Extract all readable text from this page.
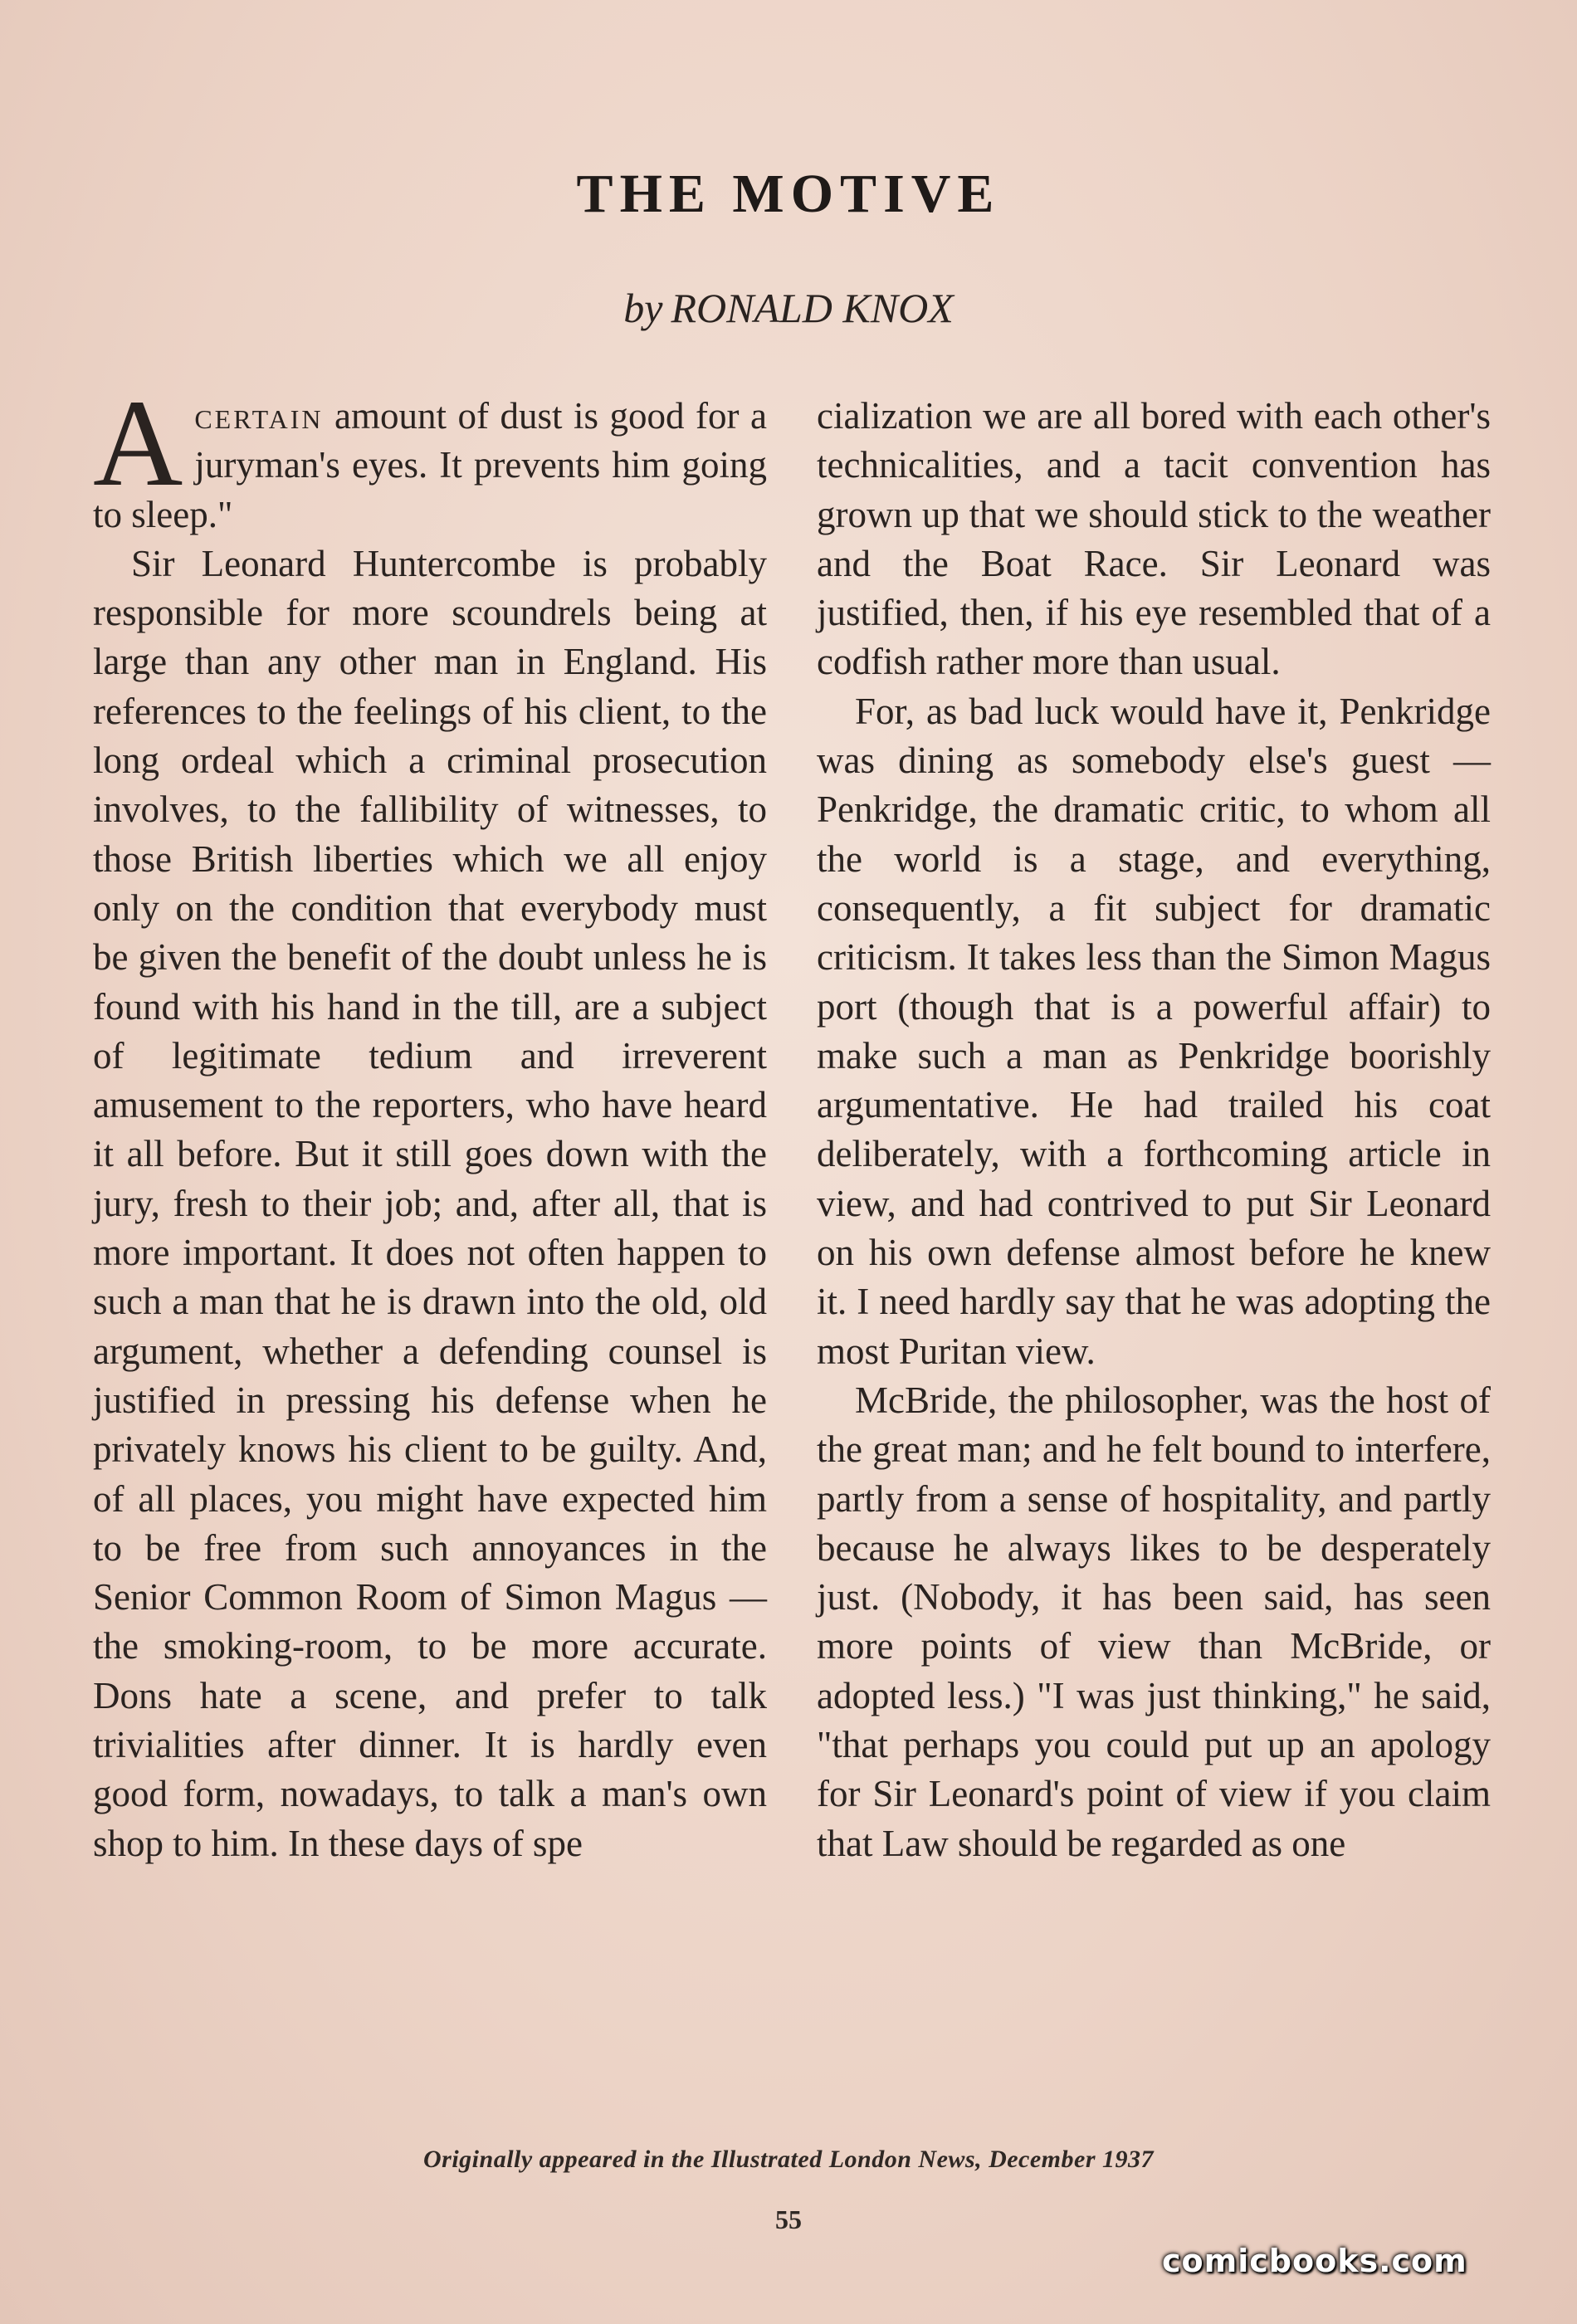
THE MOTIVE
by RONALD KNOX

Acertain amount of dust is good for a juryman's eyes. It prevents him going to sleep."

Sir Leonard Huntercombe is probably responsible for more scoundrels being at large than any other man in England. His references to the feelings of his client, to the long ordeal which a criminal prosecution involves, to the fallibility of witnesses, to those British liberties which we all enjoy only on the condition that everybody must be given the benefit of the doubt unless he is found with his hand in the till, are a subject of legitimate tedium and irreverent amusement to the reporters, who have heard it all before. But it still goes down with the jury, fresh to their job; and, after all, that is more important. It does not often happen to such a man that he is drawn into the old, old argument, whether a defending counsel is justified in pressing his defense when he privately knows his client to be guilty. And, of all places, you might have expected him to be free from such annoyances in the Senior Common Room of Simon Magus — the smoking-room, to be more accurate. Dons hate a scene, and prefer to talk trivialities after dinner. It is hardly even good form, nowadays, to talk a man's own shop to him. In these days of spe

cialization we are all bored with each other's technicalities, and a tacit convention has grown up that we should stick to the weather and the Boat Race. Sir Leonard was justified, then, if his eye resembled that of a codfish rather more than usual.

For, as bad luck would have it, Penkridge was dining as somebody else's guest — Penkridge, the dramatic critic, to whom all the world is a stage, and everything, consequently, a fit subject for dramatic criticism. It takes less than the Simon Magus port (though that is a powerful affair) to make such a man as Penkridge boorishly argumentative. He had trailed his coat deliberately, with a forthcoming article in view, and had contrived to put Sir Leonard on his own defense almost before he knew it. I need hardly say that he was adopting the most Puritan view.

McBride, the philosopher, was the host of the great man; and he felt bound to interfere, partly from a sense of hospitality, and partly because he always likes to be desperately just. (Nobody, it has been said, has seen more points of view than McBride, or adopted less.) "I was just thinking," he said, "that perhaps you could put up an apology for Sir Leonard's point of view if you claim that Law should be regarded as one

Originally appeared in the Illustrated London News, December 1937
55
comicbooks.com
